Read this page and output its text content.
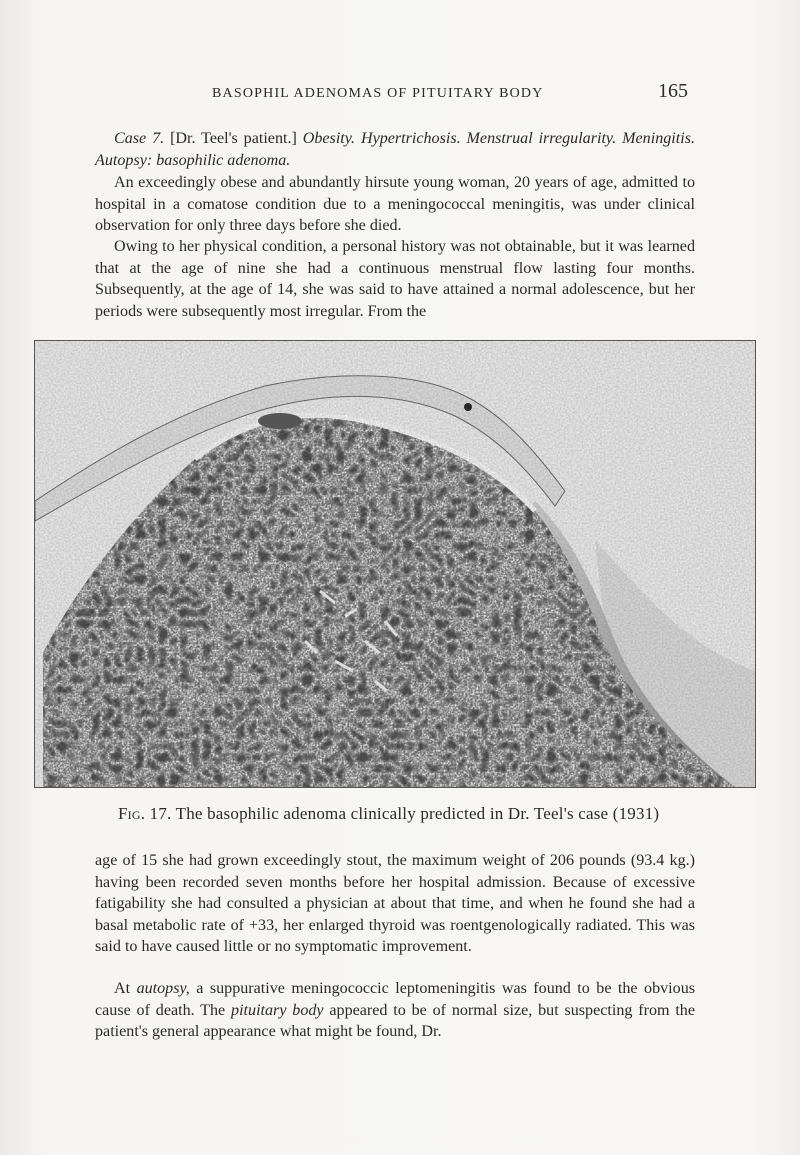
BASOPHIL ADENOMAS OF PITUITARY BODY	165
Case 7. [Dr. Teel's patient.] Obesity. Hypertrichosis. Menstrual irregularity. Meningitis. Autopsy: basophilic adenoma.
An exceedingly obese and abundantly hirsute young woman, 20 years of age, admitted to hospital in a comatose condition due to a meningococcal meningitis, was under clinical observation for only three days before she died.
Owing to her physical condition, a personal history was not obtainable, but it was learned that at the age of nine she had a continuous menstrual flow lasting four months. Subsequently, at the age of 14, she was said to have attained a normal adolescence, but her periods were subsequently most irregular. From the
Fig. 17. The basophilic adenoma clinically predicted in Dr. Teel's case (1931)
age of 15 she had grown exceedingly stout, the maximum weight of 206 pounds (93.4 kg.) having been recorded seven months before her hospital admission. Because of excessive fatigability she had consulted a physician at about that time, and when he found she had a basal metabolic rate of +33, her enlarged thyroid was roentgenologically radiated. This was said to have caused little or no symptomatic improvement.
At autopsy, a suppurative meningococcic leptomeningitis was found to be the obvious cause of death. The pituitary body appeared to be of normal size, but suspecting from the patient's general appearance what might be found, Dr.
